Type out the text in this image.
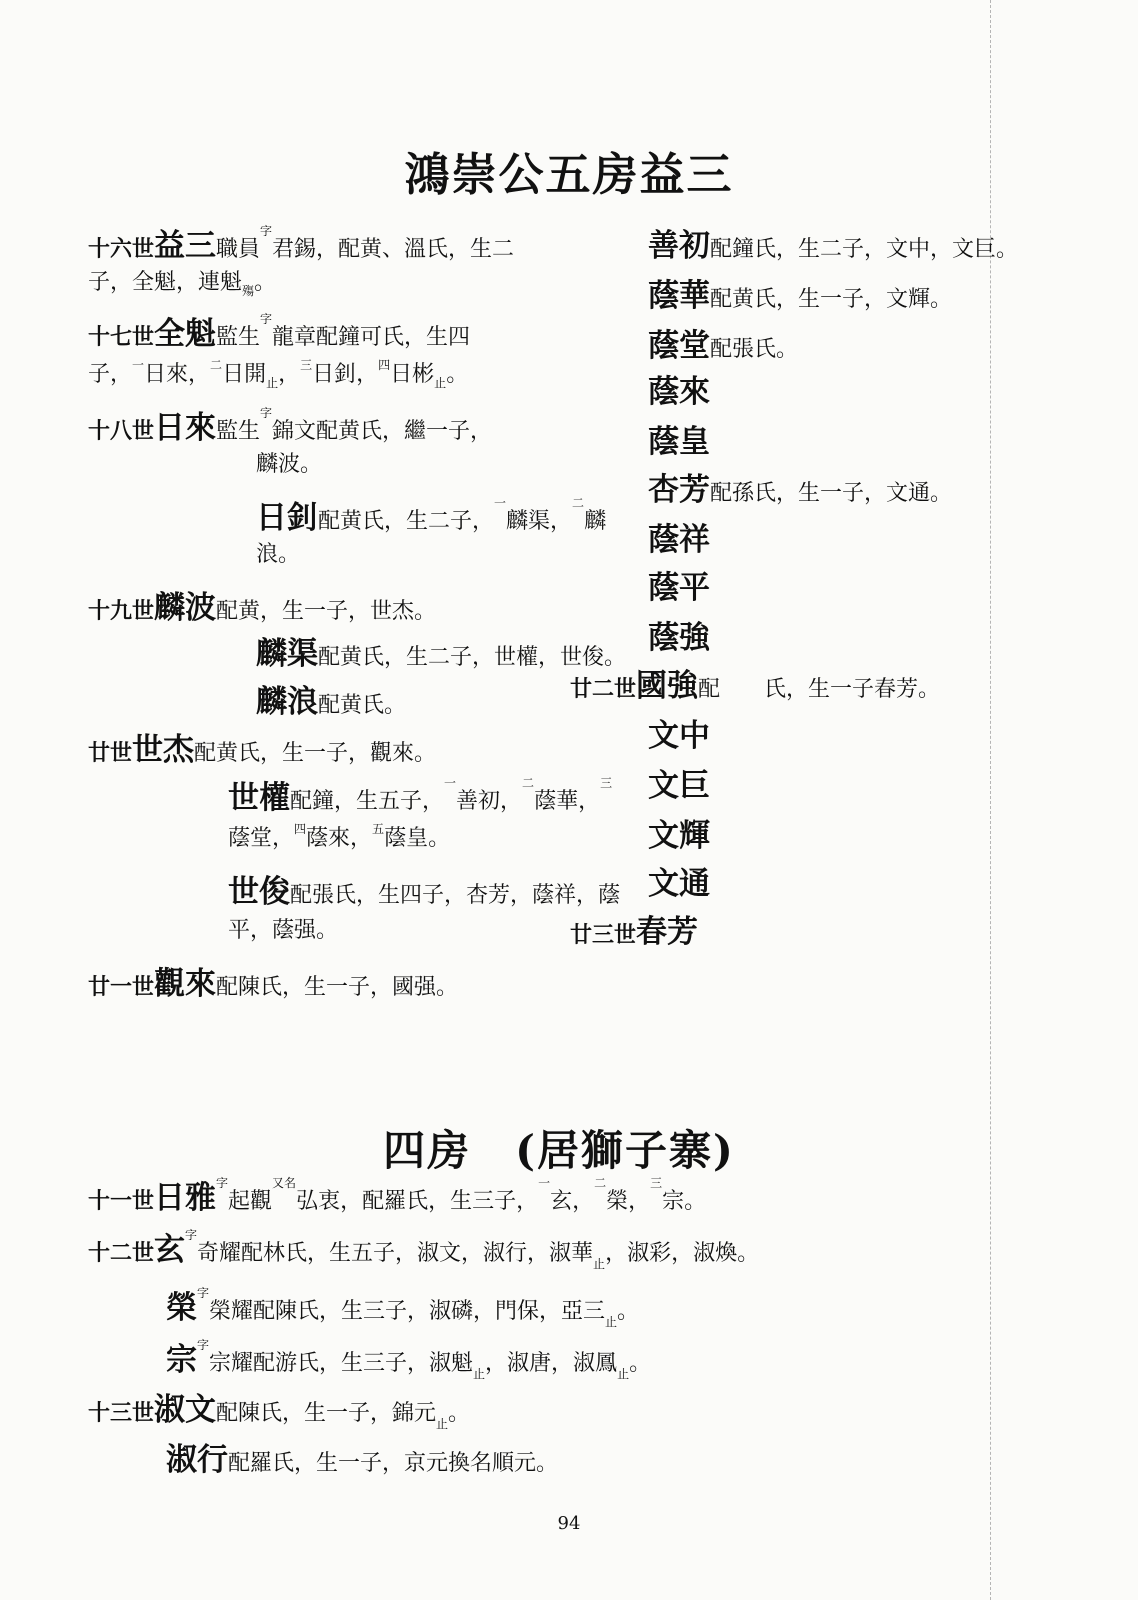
鴻崇公五房益三
十六世益三職員$^字$君錫，配黄、溫氏，生二
子，全魁，連魁殤。
十七世全魁監生$^字$龍章配鐘可氏，生四
子，$^一$日來，$^二$日開止，$^三$日釗，$^四$日彬止。
十八世日來監生$^字$錦文配黄氏，繼一子，
麟波。
日釗配黄氏，生二子，$^一$麟渠，$^二$麟
浪。
十九世麟波配黄，生一子，世杰。
麟渠配黄氏，生二子，世權，世俊。
麟浪配黄氏。
廿世世杰配黄氏，生一子，觀來。
世權配鐘，生五子，$^一$善初，$^二$蔭華，$^三$
蔭堂，$^四$蔭來，$^五$蔭皇。
世俊配張氏，生四子，杏芳，蔭祥，蔭
平，蔭强。
廿一世觀來配陳氏，生一子，國强。
善初配鐘氏，生二子，文中，文巨。
蔭華配黄氏，生一子，文輝。
蔭堂配張氏。
蔭來
蔭皇
杏芳配孫氏，生一子，文通。
蔭祥
蔭平
蔭強
廿二世國強配　　氏，生一子春芳。
文中
文巨
文輝
文通
廿三世春芳
四房　(居獅子寨)
十一世日雅$^字$起觀$^{又名}$弘衷，配羅氏，生三子，$^一$玄，$^二$榮，$^三$宗。
十二世玄$^字$奇耀配林氏，生五子，淑文，淑行，淑華止，淑彩，淑煥。
榮$^字$榮耀配陳氏，生三子，淑磷，門保，亞三止。
宗$^字$宗耀配游氏，生三子，淑魁止，淑唐，淑鳳止。
十三世淑文配陳氏，生一子，錦元止。
淑行配羅氏，生一子，京元換名順元。
94
